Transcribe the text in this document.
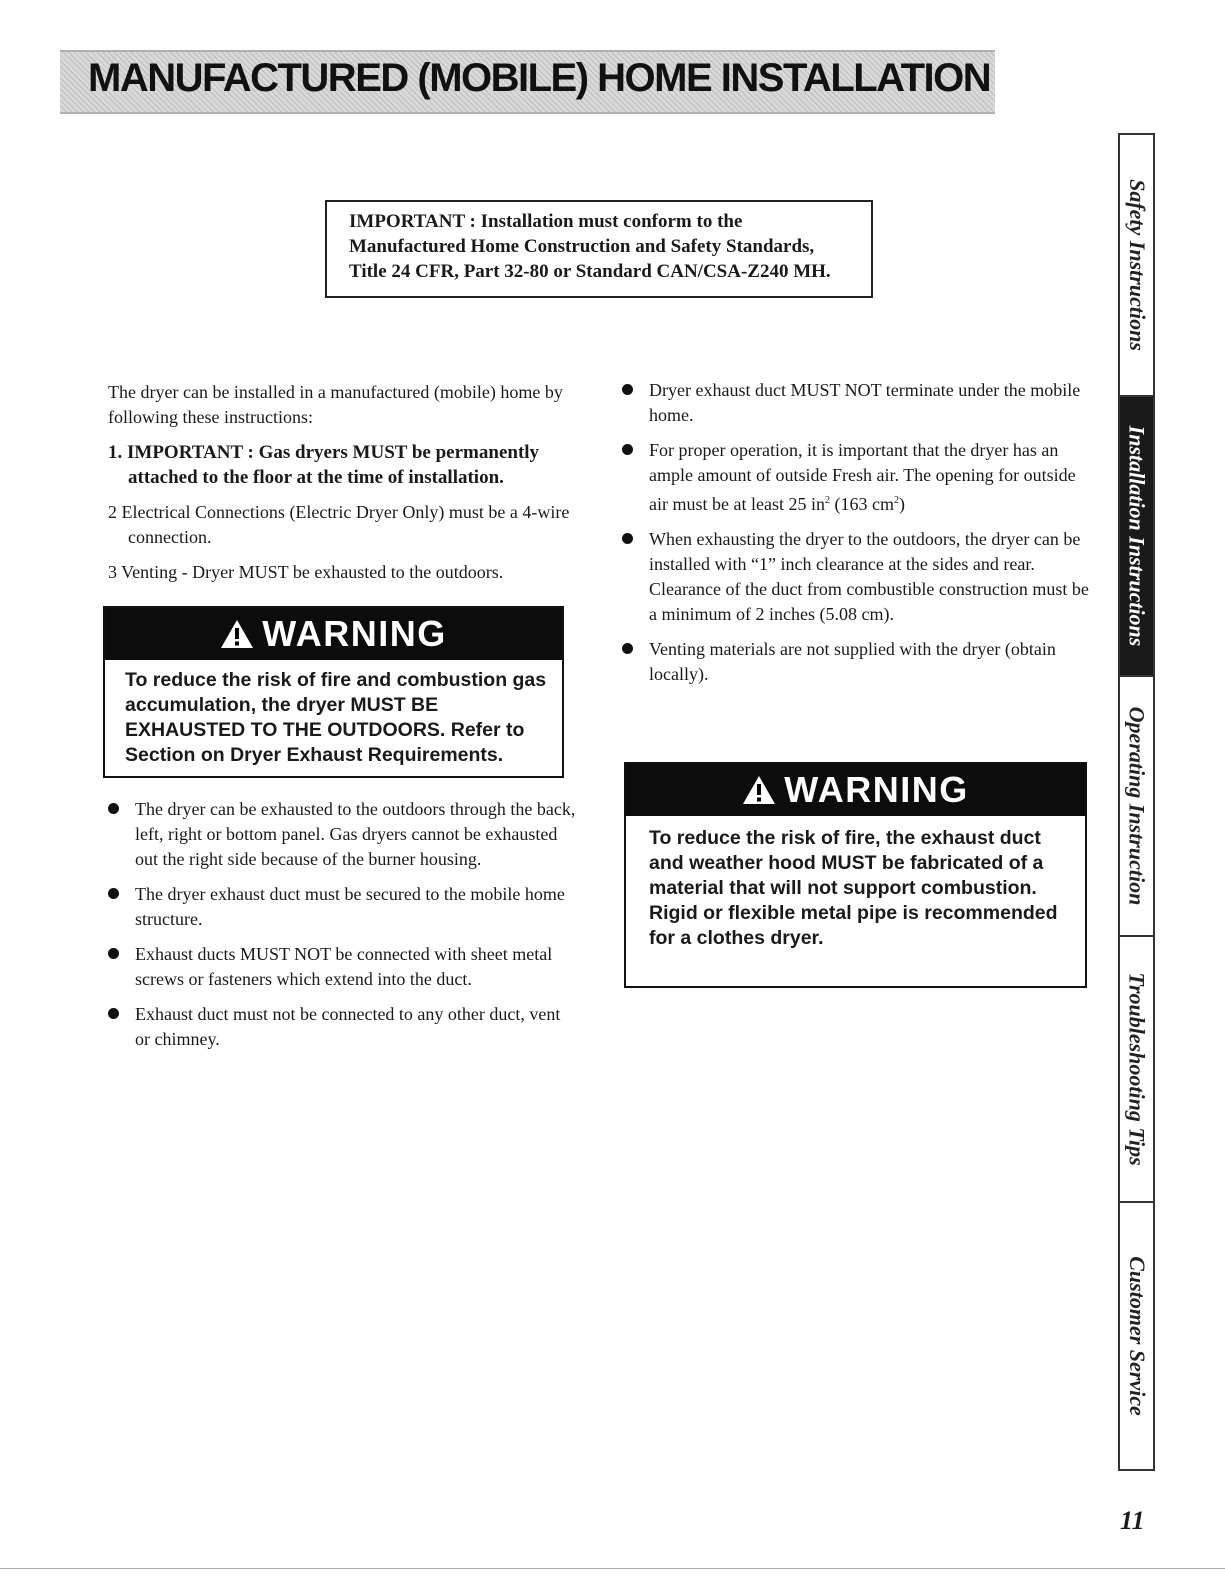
MANUFACTURED (MOBILE) HOME INSTALLATION
IMPORTANT : Installation must conform to the
Manufactured Home Construction and Safety Standards,
Title 24 CFR, Part 32-80 or Standard CAN/CSA-Z240 MH.

The dryer can be installed in a manufactured (mobile) home by following these instructions:

1. IMPORTANT : Gas dryers MUST be permanently attached to the floor at the time of installation.

2 Electrical Connections (Electric Dryer Only) must be a 4-wire connection.

3 Venting - Dryer MUST be exhausted to the outdoors.

WARNING
To reduce the risk of fire and combustion gas accumulation, the dryer MUST BE EXHAUSTED TO THE OUTDOORS. Refer to Section on Dryer Exhaust Requirements.
The dryer can be exhausted to the outdoors through the back, left, right or bottom panel. Gas dryers cannot be exhausted out the right side because of the burner housing.
The dryer exhaust duct must be secured to the mobile home structure.
Exhaust ducts MUST NOT be connected with sheet metal screws or fasteners which extend into the duct.
Exhaust duct must not be connected to any other duct, vent or chimney.
Dryer exhaust duct MUST NOT terminate under the mobile home.
For proper operation, it is important that the dryer has an ample amount of outside Fresh air. The opening for outside air must be at least 25 $in^2$ (163 $cm^2$)
When exhausting the dryer to the outdoors, the dryer can be installed with “1” inch clearance at the sides and rear. Clearance of the duct from combustible construction must be a minimum of 2 inches (5.08 cm).
Venting materials are not supplied with the dryer (obtain locally).
WARNING
To reduce the risk of fire, the exhaust duct and weather hood MUST be fabricated of a material that will not support combustion. Rigid or flexible metal pipe is recommended for a clothes dryer.
Safety Instructions
Installation Instructions
Operating Instruction
Troubleshooting Tips
Customer Service
11
